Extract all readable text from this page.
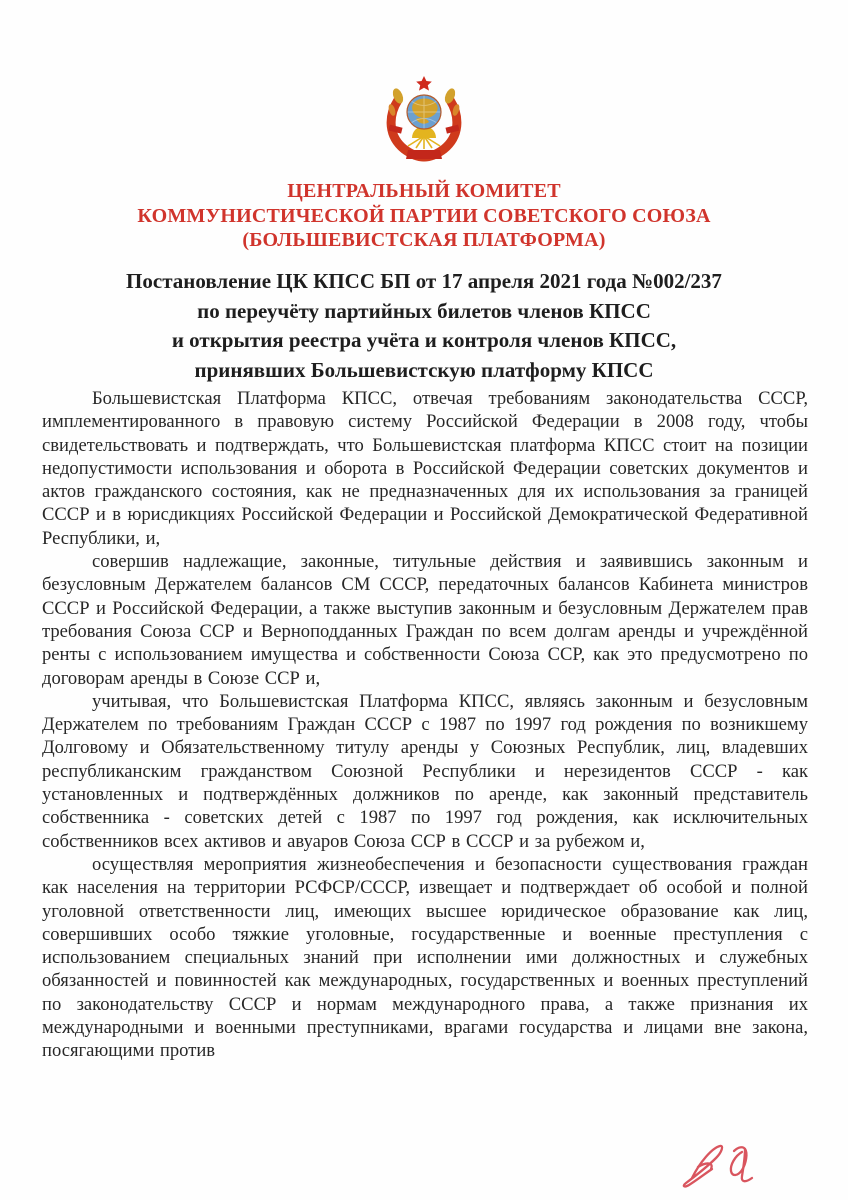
ЦЕНТРАЛЬНЫЙ КОМИТЕТ
КОММУНИСТИЧЕСКОЙ ПАРТИИ СОВЕТСКОГО СОЮЗА
(БОЛЬШЕВИСТСКАЯ ПЛАТФОРМА)
Постановление ЦК КПСС БП от 17 апреля 2021 года №002/237
по переучёту партийных билетов членов КПСС
и открытия реестра учёта и контроля членов КПСС,
принявших Большевистскую платформу КПСС

Большевистская Платформа КПСС, отвечая требованиям законодательства СССР, имплементированного в правовую систему Российской Федерации в 2008 году, чтобы свидетельствовать и подтверждать, что Большевистская платформа КПСС стоит на позиции недопустимости использования и оборота в Российской Федерации советских документов и актов гражданского состояния, как не предназначенных для их использования за границей СССР и в юрисдикциях Российской Федерации и Российской Демократической Федеративной Республики, и,

совершив надлежащие, законные, титульные действия и заявившись законным и безусловным Держателем балансов СМ СССР, передаточных балансов Кабинета министров СССР и Российской Федерации, а также выступив законным и безусловным Держателем прав требования Союза ССР и Верноподданных Граждан по всем долгам аренды и учреждённой ренты с использованием имущества и собственности Союза ССР, как это предусмотрено по договорам аренды в Союзе ССР и,

учитывая, что Большевистская Платформа КПСС, являясь законным и безусловным Держателем по требованиям Граждан СССР с 1987 по 1997 год рождения по возникшему Долговому и Обязательственному титулу аренды у Союзных Республик, лиц, владевших республиканским гражданством Союзной Республики и нерезидентов СССР - как установленных и подтверждённых должников по аренде, как законный представитель собственника - советских детей с 1987 по 1997 год рождения, как исключительных собственников всех активов и авуаров Союза ССР в СССР и за рубежом и,

осуществляя мероприятия жизнеобеспечения и безопасности существования граждан как населения на территории РСФСР/СССР, извещает и подтверждает об особой и полной уголовной ответственности лиц, имеющих высшее юридическое образование как лиц, совершивших особо тяжкие уголовные, государственные и военные преступления с использованием специальных знаний при исполнении ими должностных и служебных обязанностей и повинностей как международных, государственных и военных преступлений по законодательству СССР и нормам международного права, а также признания их международными и военными преступниками, врагами государства и лицами вне закона, посягающими против
